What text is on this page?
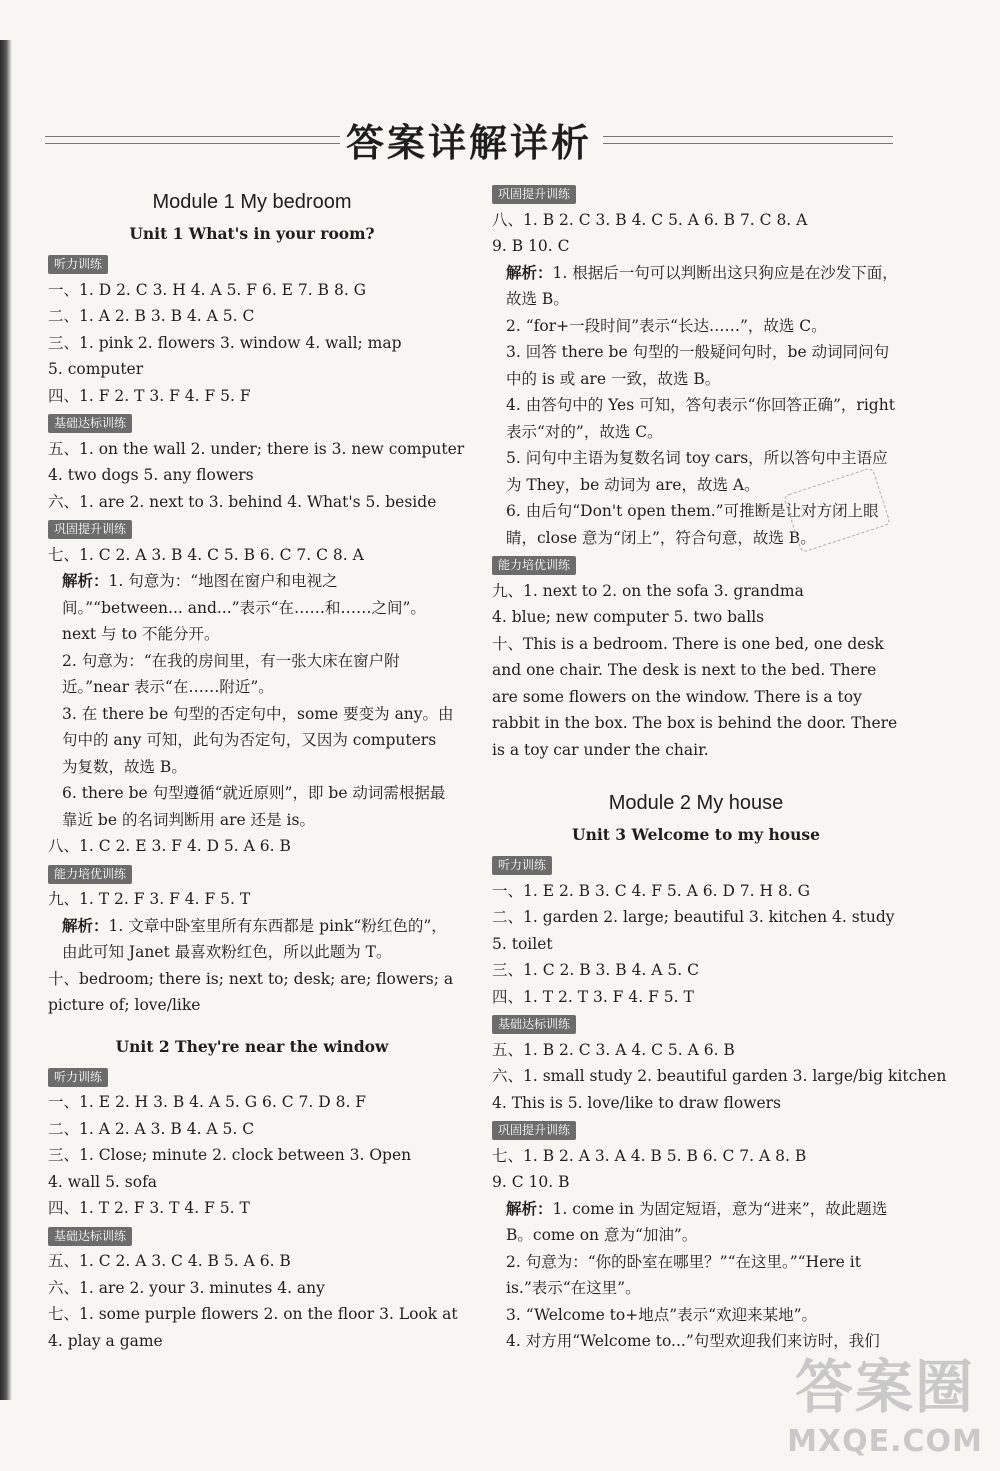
答案详解详析
Module 1 My bedroom
Unit 1 What's in your room?
听力训练
一、1. D 2. C 3. H 4. A 5. F 6. E 7. B 8. G
二、1. A 2. B 3. B 4. A 5. C
三、1. pink 2. flowers 3. window 4. wall; map
5. computer
四、1. F 2. T 3. F 4. F 5. F
基础达标训练
五、1. on the wall 2. under; there is 3. new computer
4. two dogs 5. any flowers
六、1. are 2. next to 3. behind 4. What's 5. beside
巩固提升训练
七、1. C 2. A 3. B 4. C 5. B 6. C 7. C 8. A
解析：1. 句意为：“地图在窗户和电视之间。”“between... and...”表示“在……和……之间”。next 与 to 不能分开。
2. 句意为：“在我的房间里，有一张大床在窗户附近。”near 表示“在……附近”。
3. 在 there be 句型的否定句中，some 要变为 any。由句中的 any 可知，此句为否定句，又因为 computers 为复数，故选 B。
6. there be 句型遵循“就近原则”，即 be 动词需根据最靠近 be 的名词判断用 are 还是 is。
八、1. C 2. E 3. F 4. D 5. A 6. B
能力培优训练
九、1. T 2. F 3. F 4. F 5. T
解析：1. 文章中卧室里所有东西都是 pink“粉红色的”，由此可知 Janet 最喜欢粉红色，所以此题为 T。
十、bedroom; there is; next to; desk; are; flowers; a picture of; love/like
Unit 2 They're near the window
听力训练
一、1. E 2. H 3. B 4. A 5. G 6. C 7. D 8. F
二、1. A 2. A 3. B 4. A 5. C
三、1. Close; minute 2. clock between 3. Open
4. wall 5. sofa
四、1. T 2. F 3. T 4. F 5. T
基础达标训练
五、1. C 2. A 3. C 4. B 5. A 6. B
六、1. are 2. your 3. minutes 4. any
七、1. some purple flowers 2. on the floor 3. Look at
4. play a game
巩固提升训练
八、1. B 2. C 3. B 4. C 5. A 6. B 7. C 8. A
9. B 10. C
解析：1. 根据后一句可以判断出这只狗应是在沙发下面，故选 B。
2. “for+一段时间”表示“长达……”，故选 C。
3. 回答 there be 句型的一般疑问句时，be 动词同问句中的 is 或 are 一致，故选 B。
4. 由答句中的 Yes 可知，答句表示“你回答正确”，right 表示“对的”，故选 C。
5. 问句中主语为复数名词 toy cars，所以答句中主语应为 They，be 动词为 are，故选 A。
6. 由后句“Don't open them.”可推断是让对方闭上眼睛，close 意为“闭上”，符合句意，故选 B。
能力培优训练
九、1. next to 2. on the sofa 3. grandma
4. blue; new computer 5. two balls
十、This is a bedroom. There is one bed, one desk and one chair. The desk is next to the bed. There are some flowers on the window. There is a toy rabbit in the box. The box is behind the door. There is a toy car under the chair.
Module 2 My house
Unit 3 Welcome to my house
听力训练
一、1. E 2. B 3. C 4. F 5. A 6. D 7. H 8. G
二、1. garden 2. large; beautiful 3. kitchen 4. study
5. toilet
三、1. C 2. B 3. B 4. A 5. C
四、1. T 2. T 3. F 4. F 5. T
基础达标训练
五、1. B 2. C 3. A 4. C 5. A 6. B
六、1. small study 2. beautiful garden 3. large/big kitchen
4. This is 5. love/like to draw flowers
巩固提升训练
七、1. B 2. A 3. A 4. B 5. B 6. C 7. A 8. B
9. C 10. B
解析：1. come in 为固定短语，意为“进来”，故此题选 B。come on 意为“加油”。
2. 句意为：“你的卧室在哪里？”“在这里。”“Here it is.”表示“在这里”。
3. “Welcome to+地点”表示“欢迎来某地”。
4. 对方用“Welcome to...”句型欢迎我们来访时，我们
答案圈
MXQE.COM
